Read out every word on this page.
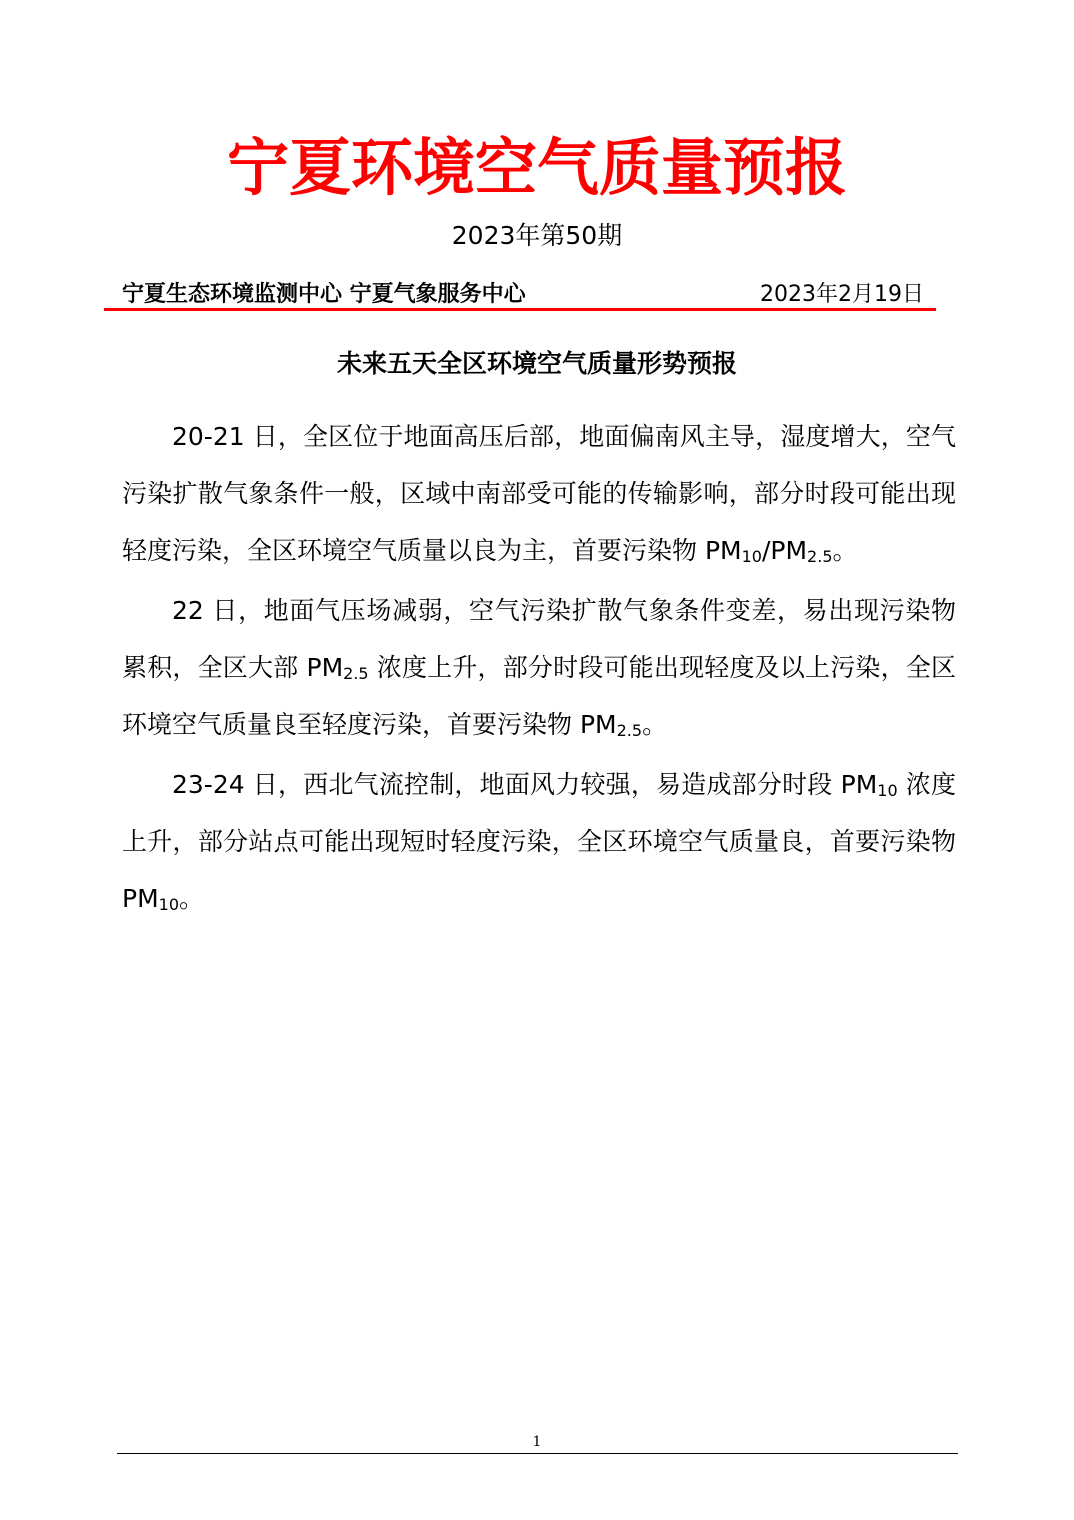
宁夏环境空气质量预报
2023年第50期
宁夏生态环境监测中心 宁夏气象服务中心	2023年2月19日
未来五天全区环境空气质量形势预报

20-21 日，全区位于地面高压后部，地面偏南风主导，湿度增大，空气污染扩散气象条件一般，区域中南部受可能的传输影响，部分时段可能出现轻度污染，全区环境空气质量以良为主，首要污染物 PM10/PM2.5。

22 日，地面气压场减弱，空气污染扩散气象条件变差，易出现污染物累积，全区大部 PM2.5 浓度上升，部分时段可能出现轻度及以上污染，全区环境空气质量良至轻度污染，首要污染物 PM2.5。

23-24 日，西北气流控制，地面风力较强，易造成部分时段 PM10 浓度上升，部分站点可能出现短时轻度污染，全区环境空气质量良，首要污染物 PM10。

1
